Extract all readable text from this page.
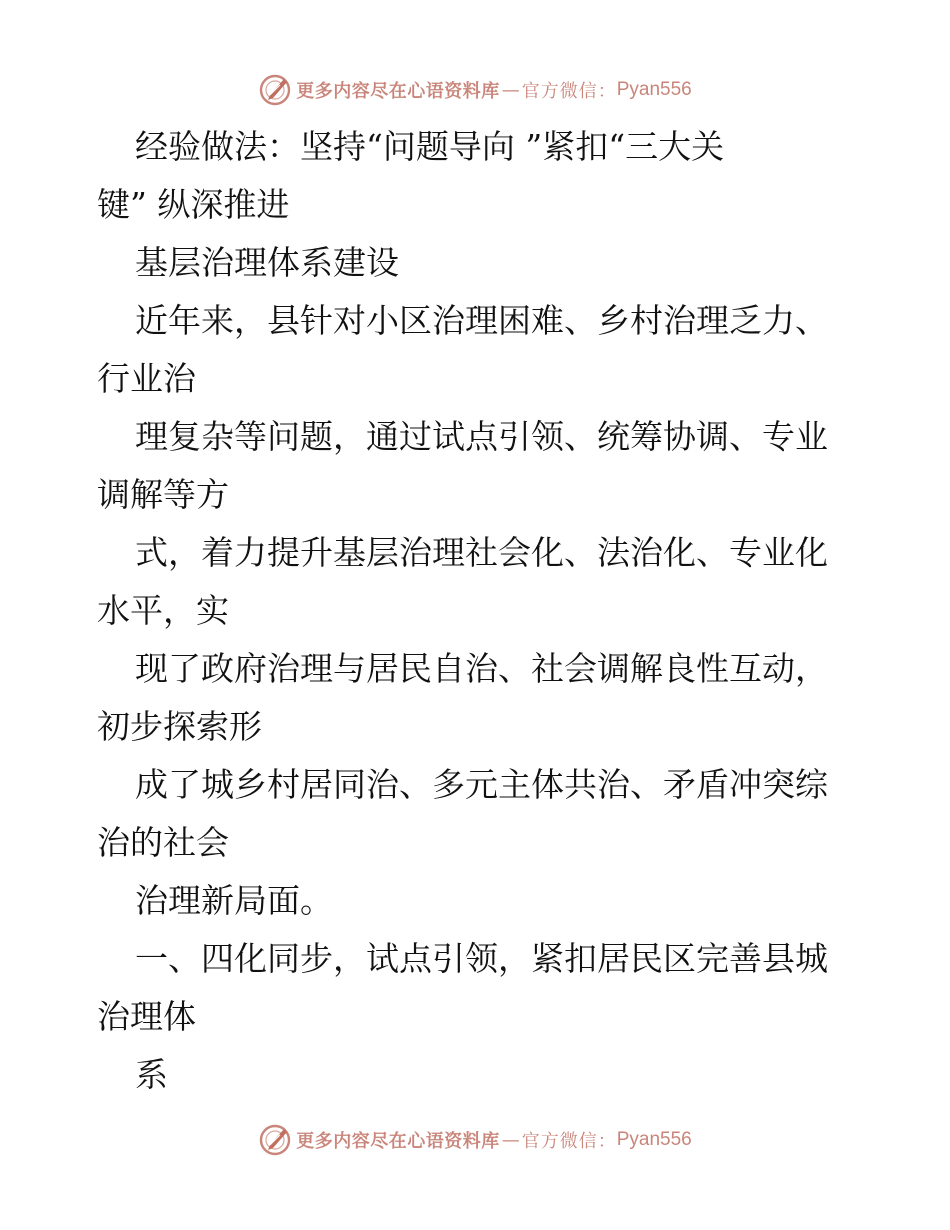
更多内容尽在心语资料库 — 官方微信： Pyan556
经验做法：坚持“问题导向 ”紧扣“三大关
键” 纵深推进
基层治理体系建设
近年来，县针对小区治理困难、乡村治理乏力、
行业治
理复杂等问题，通过试点引领、统筹协调、专业
调解等方
式，着力提升基层治理社会化、法治化、专业化
水平，实
现了政府治理与居民自治、社会调解良性互动，
初步探索形
成了城乡村居同治、多元主体共治、矛盾冲突综
治的社会
治理新局面。
一、四化同步，试点引领，紧扣居民区完善县城
治理体
系
更多内容尽在心语资料库 — 官方微信： Pyan556
